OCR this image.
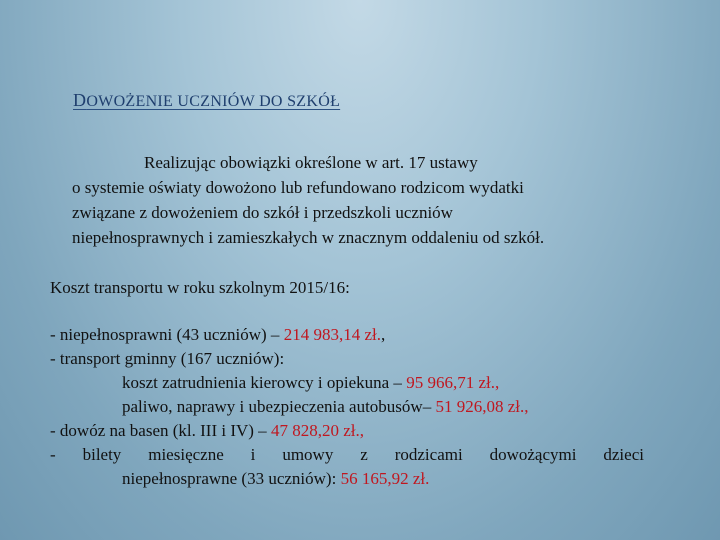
DOWOŻENIE UCZNIÓW DO SZKÓŁ
Realizując obowiązki określone w art. 17 ustawy
o systemie oświaty dowożono lub refundowano rodzicom wydatki
związane z dowożeniem do szkół i przedszkoli uczniów
niepełnosprawnych i zamieszkałych w znacznym oddaleniu od szkół.
Koszt transportu w roku szkolnym 2015/16:
- niepełnosprawni (43 uczniów) – 214 983,14 zł.,
- transport gminny (167 uczniów):
koszt zatrudnienia kierowcy i opiekuna – 95 966,71 zł.,
paliwo, naprawy i ubezpieczenia autobusów– 51 926,08 zł.,
- dowóz na basen (kl. III i IV) – 47 828,20 zł.,
- bilety miesięczne i umowy z rodzicami dowożącymi dzieci
niepełnosprawne (33 uczniów): 56 165,92 zł.
